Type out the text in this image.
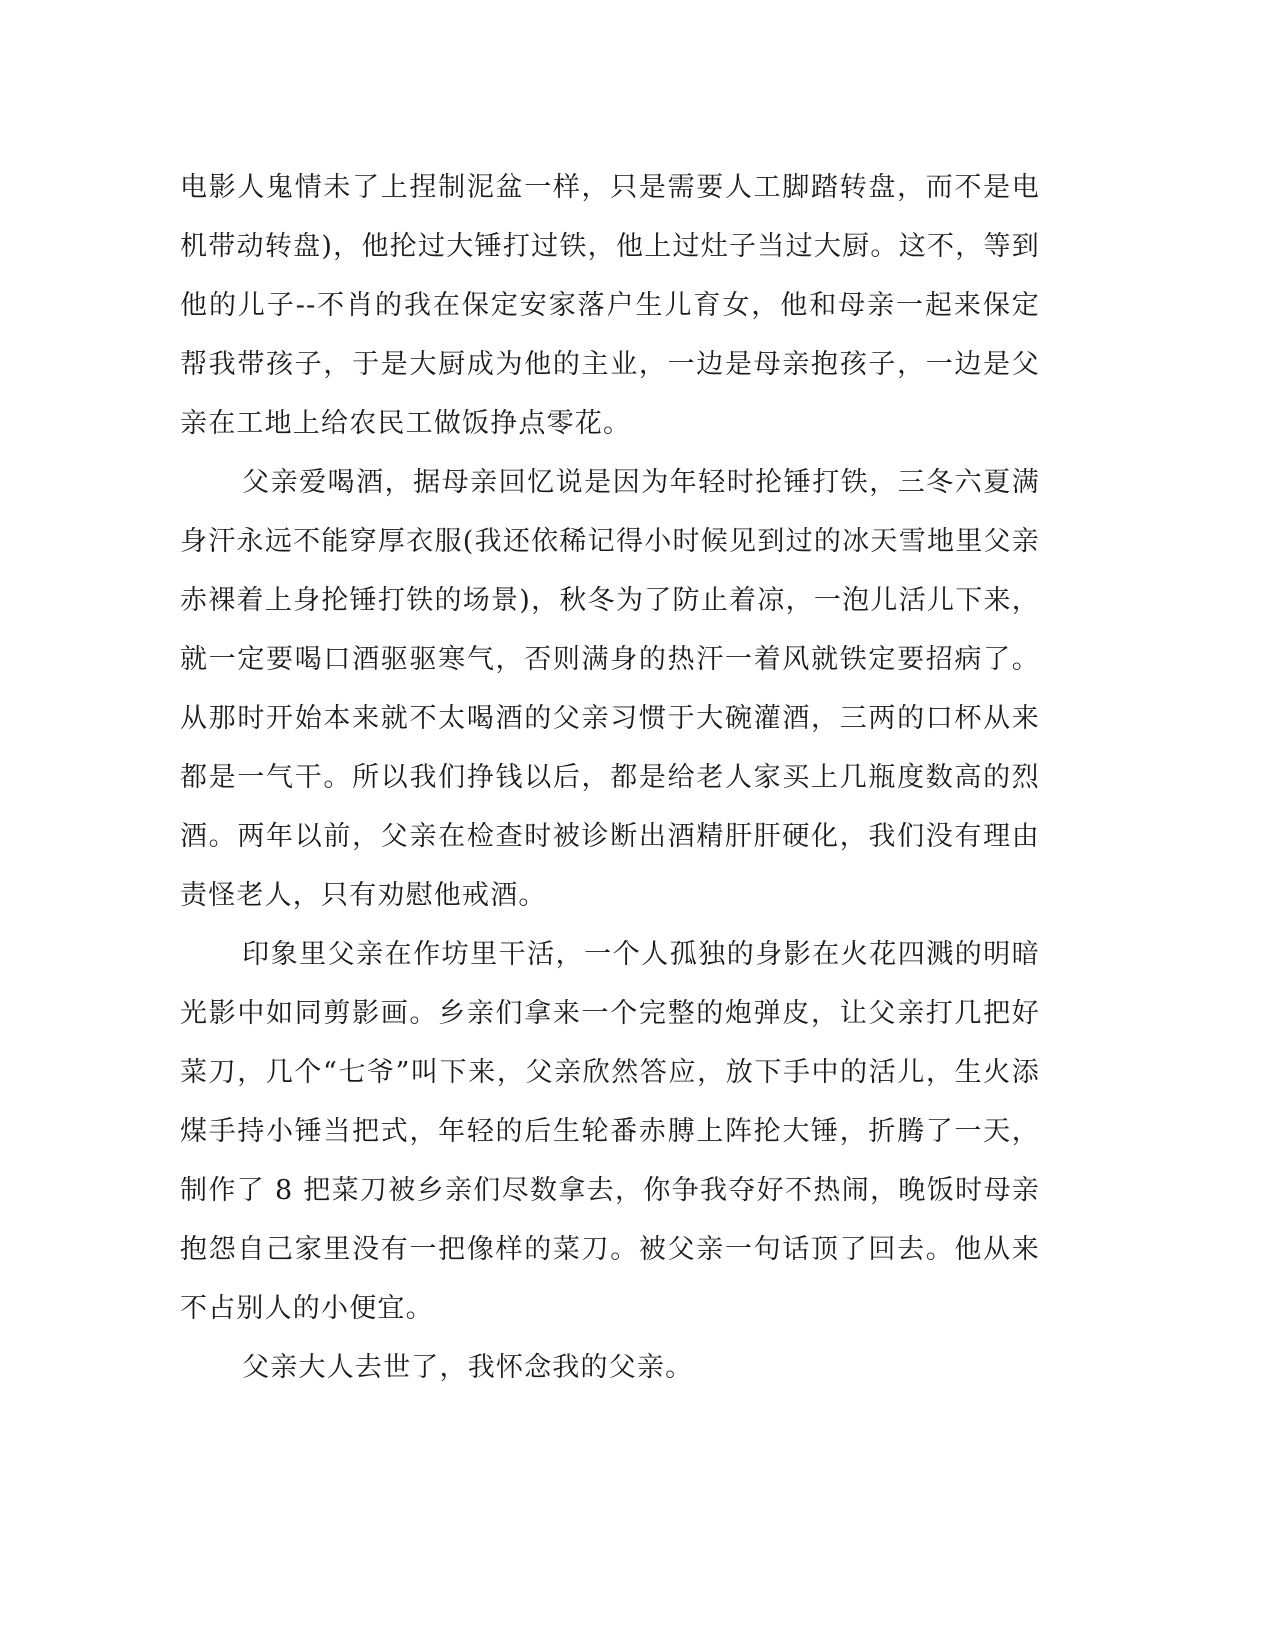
电影人鬼情未了上捏制泥盆一样，只是需要人工脚踏转盘，而不是电机带动转盘)，他抡过大锤打过铁，他上过灶子当过大厨。这不，等到他的儿子--不肖的我在保定安家落户生儿育女，他和母亲一起来保定帮我带孩子，于是大厨成为他的主业，一边是母亲抱孩子，一边是父亲在工地上给农民工做饭挣点零花。

父亲爱喝酒，据母亲回忆说是因为年轻时抡锤打铁，三冬六夏满身汗永远不能穿厚衣服(我还依稀记得小时候见到过的冰天雪地里父亲赤裸着上身抡锤打铁的场景)，秋冬为了防止着凉，一泡儿活儿下来，就一定要喝口酒驱驱寒气，否则满身的热汗一着风就铁定要招病了。从那时开始本来就不太喝酒的父亲习惯于大碗灌酒，三两的口杯从来都是一气干。所以我们挣钱以后，都是给老人家买上几瓶度数高的烈酒。两年以前，父亲在检查时被诊断出酒精肝肝硬化，我们没有理由责怪老人，只有劝慰他戒酒。

印象里父亲在作坊里干活，一个人孤独的身影在火花四溅的明暗光影中如同剪影画。乡亲们拿来一个完整的炮弹皮，让父亲打几把好菜刀，几个“七爷”叫下来，父亲欣然答应，放下手中的活儿，生火添煤手持小锤当把式，年轻的后生轮番赤膊上阵抡大锤，折腾了一天，制作了 8 把菜刀被乡亲们尽数拿去，你争我夺好不热闹，晚饭时母亲抱怨自己家里没有一把像样的菜刀。被父亲一句话顶了回去。他从来不占别人的小便宜。

父亲大人去世了，我怀念我的父亲。
